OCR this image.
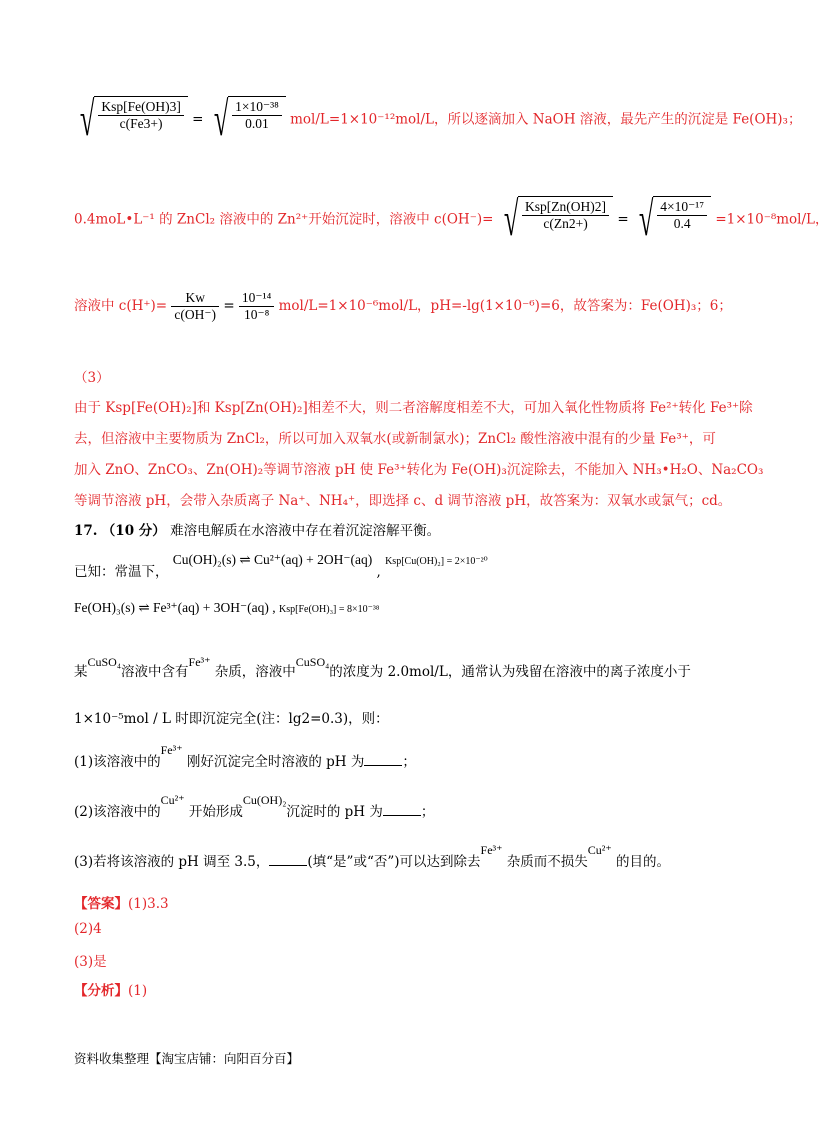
√ $\frac{\text{Ksp[Fe(OH)3]}}{c(Fe3+)}$ = √ $\frac{\text{1×10⁻³⁸}}{0.01} mol/L=1\times 10^{-12}mol/L$，所以逐滴加入 NaOH 溶液，最先产生的沉淀是 Fe(OH)₃；
0.4moL•L⁻¹ 的 ZnCl₂ 溶液中的 Zn²⁺开始沉淀时，溶液中 c(OH⁻)= √ $\frac{\text{Ksp[Zn(OH)2]}}{c(Zn2+)}$ = √ $\frac{\text{4×10⁻¹⁷}}{0.4} =1\times 10^{-8}mol/L$，
溶液中 $c(H^+)= \frac{Kw}{c(OH^-)} = \frac{\text{10⁻¹⁴}}{\text{10⁻⁸}} mol/L=1\times 10^{-6}mol/L$，pH=-lg(1×10⁻⁶)=6，故答案为：Fe(OH)₃；6；
（3）
由于 Ksp[Fe(OH)₂]和 Ksp[Zn(OH)₂]相差不大，则二者溶解度相差不大，可加入氧化性物质将 Fe²⁺转化 Fe³⁺除
去，但溶液中主要物质为 ZnCl₂，所以可加入双氧水(或新制氯水)；ZnCl₂ 酸性溶液中混有的少量 Fe³⁺，可
加入 ZnO、ZnCO₃、Zn(OH)₂等调节溶液 pH 使 Fe³⁺转化为 Fe(OH)₃沉淀除去，不能加入 NH₃•H₂O、Na₂CO₃
等调节溶液 pH，会带入杂质离子 Na⁺、NH₄⁺，即选择 c、d 调节溶液 pH，故答案为：双氧水或氯气；cd。
17. （10 分） 难溶电解质在水溶液中存在着沉淀溶解平衡。
已知：常温下， Cu(OH)₂(s) ⇌ Cu²⁺(aq) + 2OH⁻(aq) , $^{Ksp[Cu(OH)_2] = 2\times 10^{-20}}$
Fe(OH)₃(s) ⇌ Fe³⁺(aq) + 3OH⁻(aq) , Ksp[Fe(OH)₃] = 8×10⁻³⁸
某CuSO₄溶液中含有Fe³⁺ 杂质，溶液中CuSO₄的浓度为 2.0mol/L，通常认为残留在溶液中的离子浓度小于
1×10⁻⁵mol / L 时即沉淀完全(注：lg2=0.3)，则：
(1)该溶液中的Fe³⁺ 刚好沉淀完全时溶液的 pH 为	；
(2)该溶液中的Cu²⁺ 开始形成Cu(OH)₂沉淀时的 pH 为	；
(3)若将该溶液的 pH 调至 3.5，	(填“是”或“否”)可以达到除去Fe³⁺ 杂质而不损失Cu²⁺ 的目的。
【答案】(1)3.3
(2)4
(3)是
【分析】(1)
资料收集整理【淘宝店铺：向阳百分百】
